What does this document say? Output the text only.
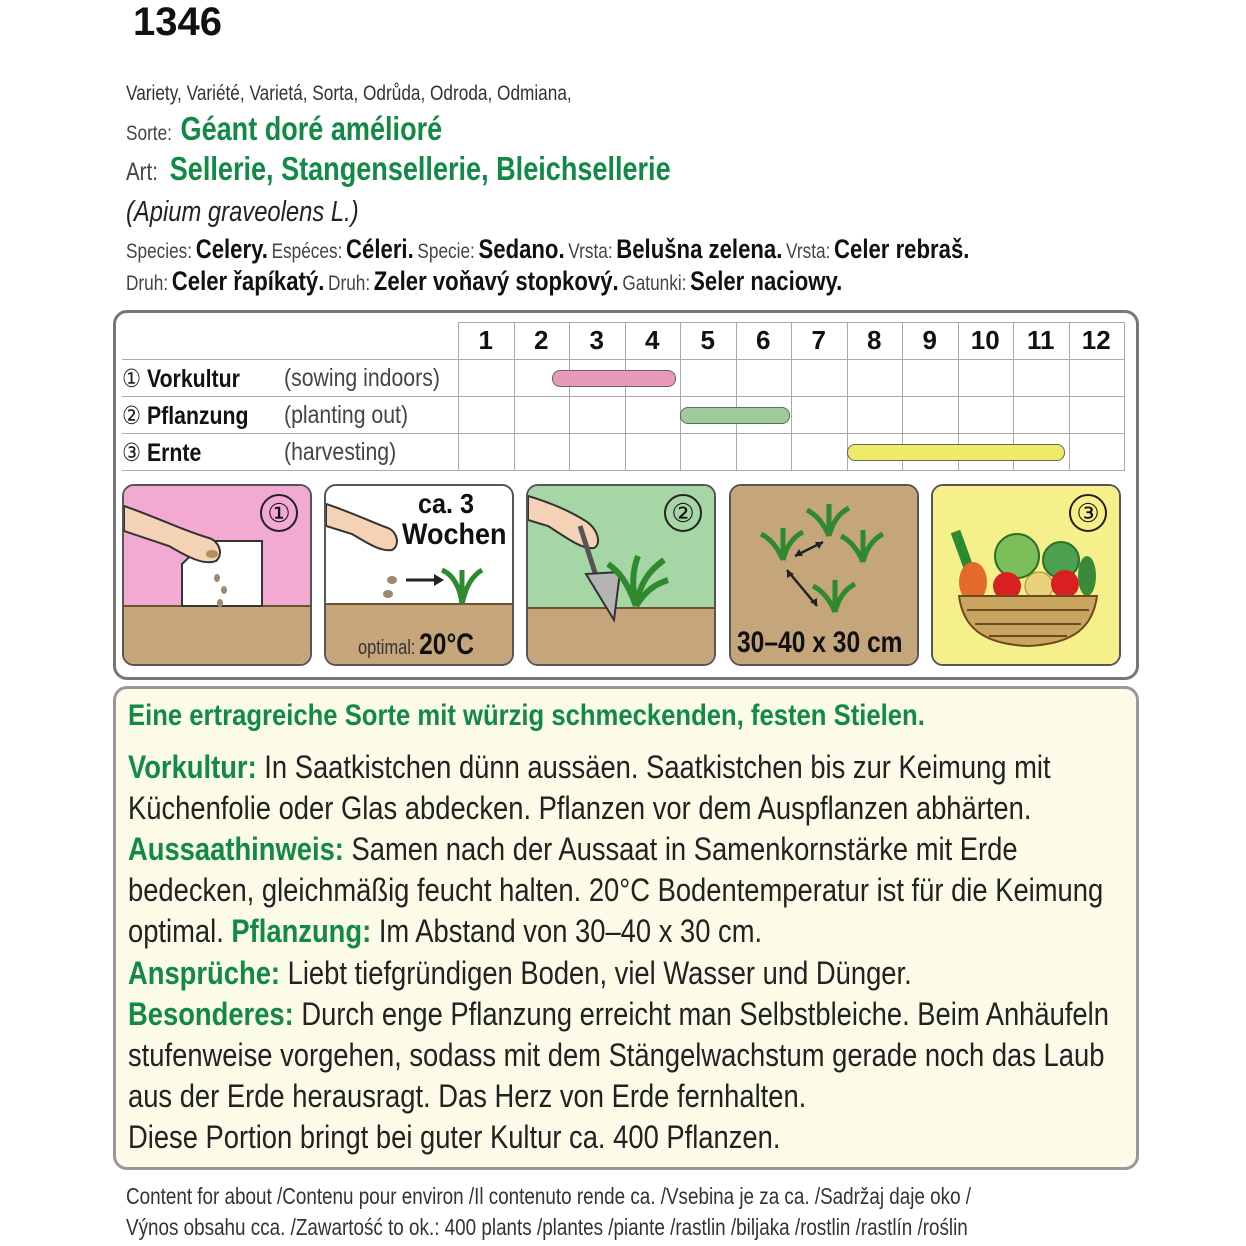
1346
Variety, Variété, Varietá, Sorta, Odrůda, Odroda, Odmiana,
Sorte: Géant doré amélioré
Art: Sellerie, Stangensellerie, Bleichsellerie
(Apium graveolens L.)
Species: Celery. Espéces: Céleri. Specie: Sedano. Vrsta: Belušna zelena. Vrsta: Celer rebraš.
Druh: Celer řapíkatý. Druh: Zeler voňavý stopkový. Gatunki: Seler naciowy.
1	2	3	4	5	6	7	8	9	10	11	12
① Vorkultur (sowing indoors)
② Pflanzung (planting out)
③ Ernte	(harvesting)
①	ca. 3
Wochen
optimal: 20°C
②
30–40 x 30 cm
③
Eine ertragreiche Sorte mit würzig schmeckenden, festen Stielen.
Vorkultur: In Saatkistchen dünn aussäen. Saatkistchen bis zur Keimung mit
Küchenfolie oder Glas abdecken. Pflanzen vor dem Auspflanzen abhärten.
Aussaathinweis: Samen nach der Aussaat in Samenkornstärke mit Erde
bedecken, gleichmäßig feucht halten. 20°C Bodentemperatur ist für die Keimung
optimal. Pflanzung: Im Abstand von 30–40 x 30 cm.
Ansprüche: Liebt tiefgründigen Boden, viel Wasser und Dünger.
Besonderes: Durch enge Pflanzung erreicht man Selbstbleiche. Beim Anhäufeln
stufenweise vorgehen, sodass mit dem Stängelwachstum gerade noch das Laub
aus der Erde herausragt. Das Herz von Erde fernhalten.
Diese Portion bringt bei guter Kultur ca. 400 Pflanzen.
Content for about /Contenu pour environ /Il contenuto rende ca. /Vsebina je za ca. /Sadržaj daje oko /
Výnos obsahu cca. /Zawartość to ok.: 400 plants /plantes /piante /rastlin /biljaka /rostlin /rastlín /roślin
